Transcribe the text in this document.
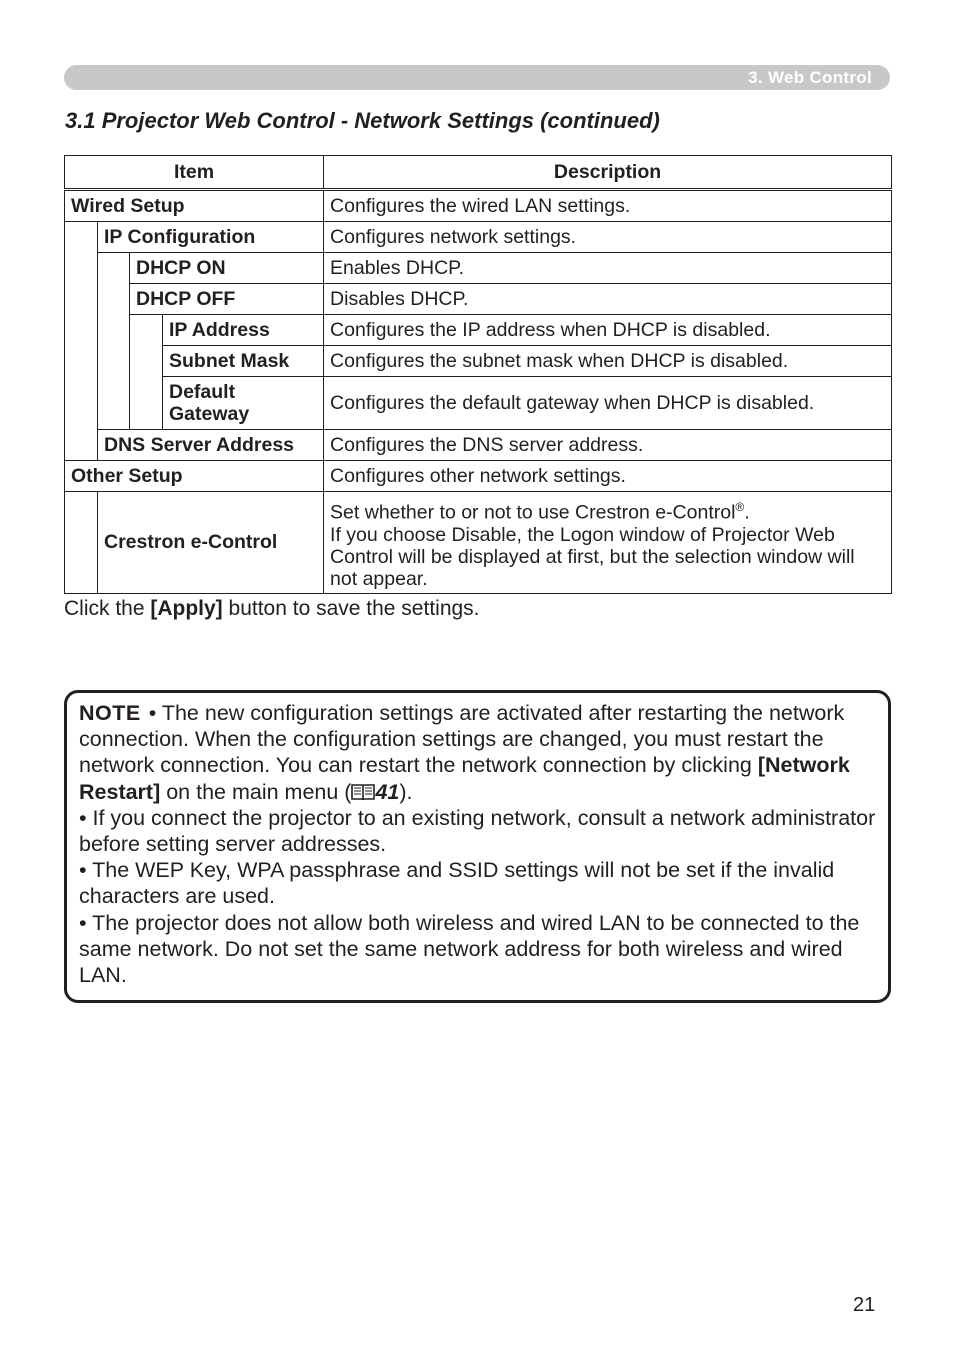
3. Web Control
3.1 Projector Web Control - Network Settings (continued)
Item				Description
Wired Setup				Configures the wired LAN settings.
	IP Configuration			Configures network settings.
		DHCP ON		Enables DHCP.
		DHCP OFF		Disables DHCP.
			IP Address	Configures the IP address when DHCP is disabled.
			Subnet Mask	Configures the subnet mask when DHCP is disabled.
			Default Gateway	Configures the default gateway when DHCP is disabled.
	DNS Server Address			Configures the DNS server address.
Other Setup				Configures other network settings.
	Crestron e-Control			Set whether to or not to use Crestron e-Control®.
If you choose Disable, the Logon window of Projector Web Control will be displayed at first, but the selection window will not appear.

Click the [Apply] button to save the settings.

NOTE • The new configuration settings are activated after restarting the network connection. When the configuration settings are changed, you must restart the network connection. You can restart the network connection by clicking [Network Restart] on the main menu ( 41).

• If you connect the projector to an existing network, consult a network administrator before setting server addresses.

• The WEP Key, WPA passphrase and SSID settings will not be set if the invalid characters are used.

• The projector does not allow both wireless and wired LAN to be connected to the same network. Do not set the same network address for both wireless and wired LAN.

21
